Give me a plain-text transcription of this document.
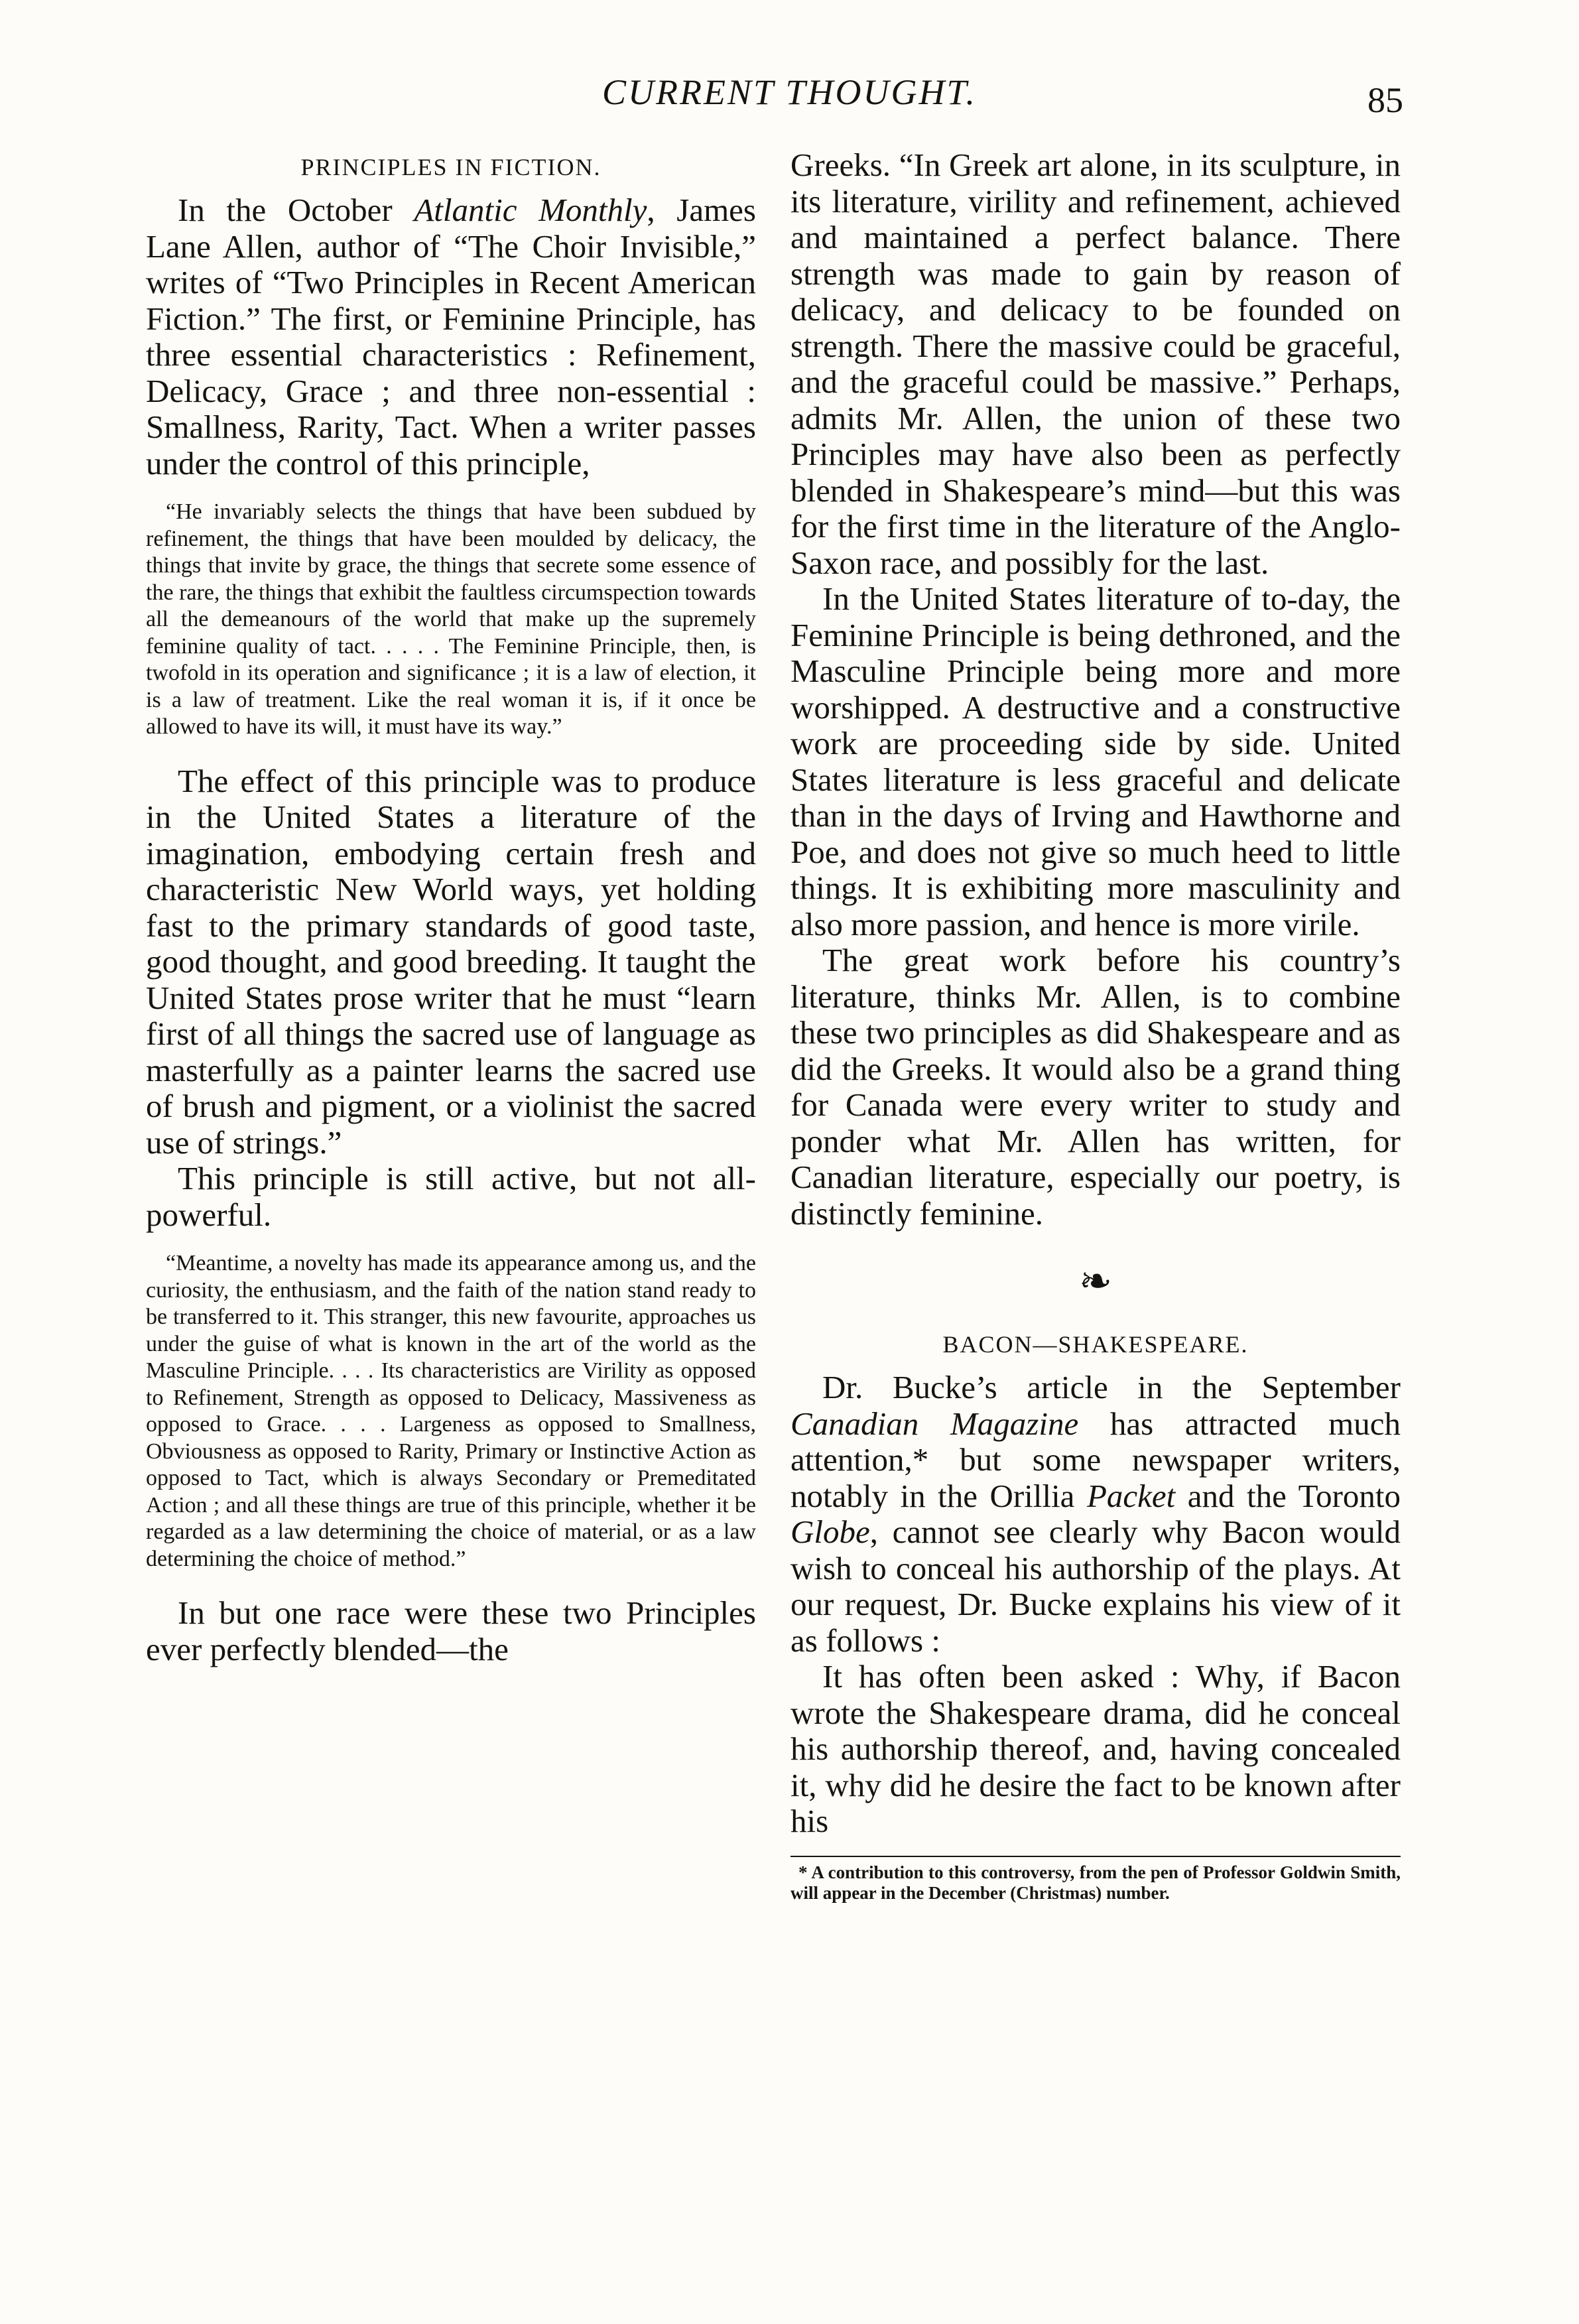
CURRENT THOUGHT.	85
PRINCIPLES IN FICTION.

In the October Atlantic Monthly, James Lane Allen, author of “The Choir Invisible,” writes of “Two Principles in Recent American Fiction.” The first, or Feminine Principle, has three essential characteristics : Refinement, Delicacy, Grace ; and three non-essential : Smallness, Rarity, Tact. When a writer passes under the control of this principle,

“He invariably selects the things that have been subdued by refinement, the things that have been moulded by delicacy, the things that invite by grace, the things that secrete some essence of the rare, the things that exhibit the faultless circumspection towards all the demeanours of the world that make up the supremely feminine quality of tact. . . . . The Feminine Principle, then, is twofold in its operation and significance ; it is a law of election, it is a law of treatment. Like the real woman it is, if it once be allowed to have its will, it must have its way.”

The effect of this principle was to produce in the United States a literature of the imagination, embodying certain fresh and characteristic New World ways, yet holding fast to the primary standards of good taste, good thought, and good breeding. It taught the United States prose writer that he must “learn first of all things the sacred use of language as masterfully as a painter learns the sacred use of brush and pigment, or a violinist the sacred use of strings.”

This principle is still active, but not all-powerful.

“Meantime, a novelty has made its appearance among us, and the curiosity, the enthusiasm, and the faith of the nation stand ready to be transferred to it. This stranger, this new favourite, approaches us under the guise of what is known in the art of the world as the Masculine Principle. . . . Its characteristics are Virility as opposed to Refinement, Strength as opposed to Delicacy, Massiveness as opposed to Grace. . . . Largeness as opposed to Smallness, Obviousness as opposed to Rarity, Primary or Instinctive Action as opposed to Tact, which is always Secondary or Premeditated Action ; and all these things are true of this principle, whether it be regarded as a law determining the choice of material, or as a law determining the choice of method.”

In but one race were these two Principles ever perfectly blended—the

Greeks. “In Greek art alone, in its sculpture, in its literature, virility and refinement, achieved and maintained a perfect balance. There strength was made to gain by reason of delicacy, and delicacy to be founded on strength. There the massive could be graceful, and the graceful could be massive.” Perhaps, admits Mr. Allen, the union of these two Principles may have also been as perfectly blended in Shakespeare’s mind—but this was for the first time in the literature of the Anglo-Saxon race, and possibly for the last.

In the United States literature of to-day, the Feminine Principle is being dethroned, and the Masculine Principle being more and more worshipped. A destructive and a constructive work are proceeding side by side. United States literature is less graceful and delicate than in the days of Irving and Hawthorne and Poe, and does not give so much heed to little things. It is exhibiting more masculinity and also more passion, and hence is more virile.

The great work before his country’s literature, thinks Mr. Allen, is to combine these two principles as did Shakespeare and as did the Greeks. It would also be a grand thing for Canada were every writer to study and ponder what Mr. Allen has written, for Canadian literature, especially our poetry, is distinctly feminine.

❧
BACON—SHAKESPEARE.

Dr. Bucke’s article in the September Canadian Magazine has attracted much attention,* but some newspaper writers, notably in the Orillia Packet and the Toronto Globe, cannot see clearly why Bacon would wish to conceal his authorship of the plays. At our request, Dr. Bucke explains his view of it as follows :

It has often been asked : Why, if Bacon wrote the Shakespeare drama, did he conceal his authorship thereof, and, having concealed it, why did he desire the fact to be known after his

* A contribution to this controversy, from the pen of Professor Goldwin Smith, will appear in the December (Christmas) number.
